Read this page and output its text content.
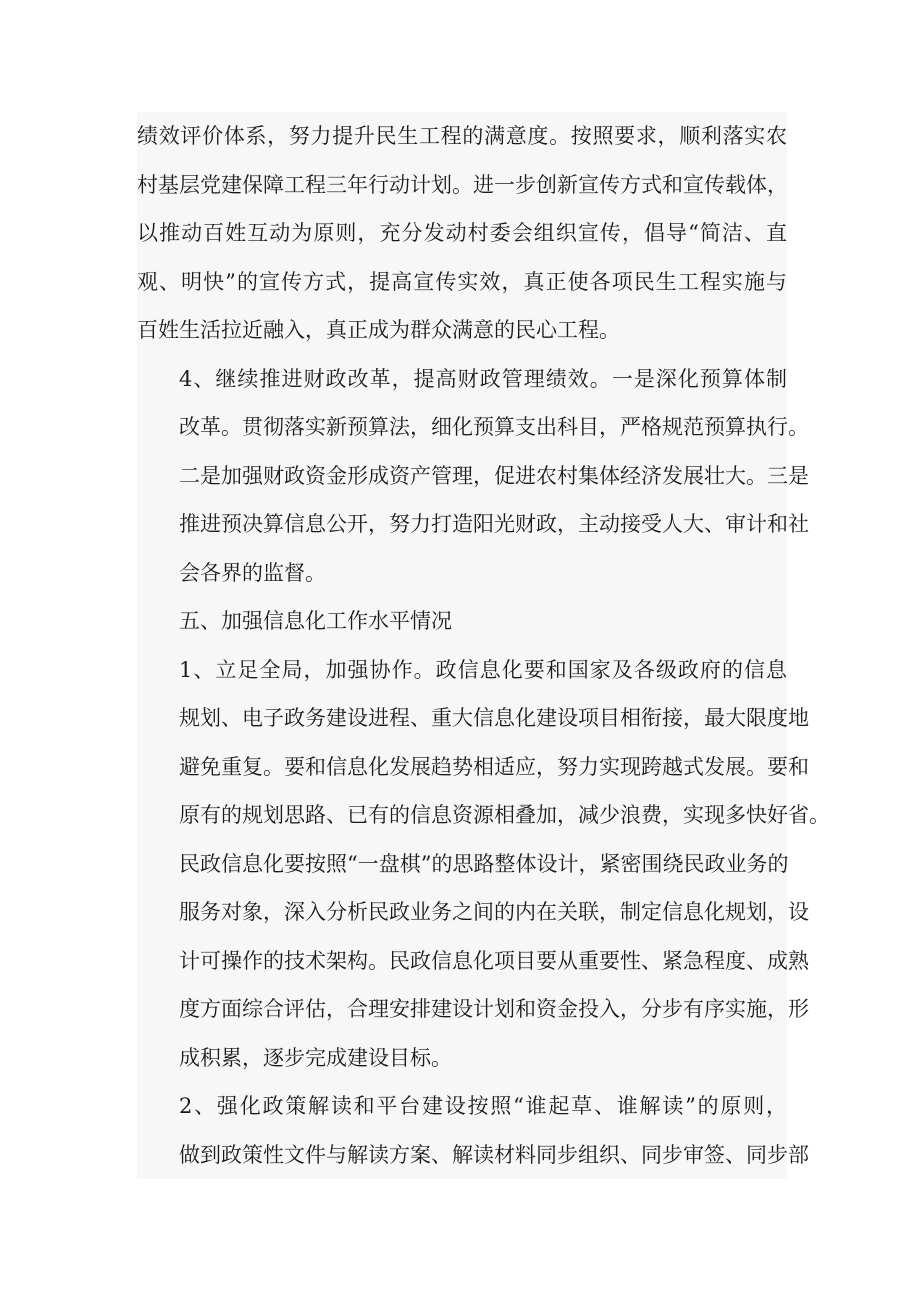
绩效评价体系，努力提升民生工程的满意度。按照要求，顺利落实农
村基层党建保障工程三年行动计划。进一步创新宣传方式和宣传载体，
以推动百姓互动为原则，充分发动村委会组织宣传，倡导“简洁、直
观、明快”的宣传方式，提高宣传实效，真正使各项民生工程实施与
百姓生活拉近融入，真正成为群众满意的民心工程。

4、继续推进财政改革，提高财政管理绩效。一是深化预算体制
改革。贯彻落实新预算法，细化预算支出科目，严格规范预算执行。
二是加强财政资金形成资产管理，促进农村集体经济发展壮大。三是
推进预决算信息公开，努力打造阳光财政，主动接受人大、审计和社
会各界的监督。

五、加强信息化工作水平情况

1、立足全局，加强协作。政信息化要和国家及各级政府的信息
规划、电子政务建设进程、重大信息化建设项目相衔接，最大限度地
避免重复。要和信息化发展趋势相适应，努力实现跨越式发展。要和
原有的规划思路、已有的信息资源相叠加，减少浪费，实现多快好省。
民政信息化要按照“一盘棋”的思路整体设计，紧密围绕民政业务的
服务对象，深入分析民政业务之间的内在关联，制定信息化规划，设
计可操作的技术架构。民政信息化项目要从重要性、紧急程度、成熟
度方面综合评估，合理安排建设计划和资金投入，分步有序实施，形
成积累，逐步完成建设目标。

2、强化政策解读和平台建设按照“谁起草、谁解读”的原则，
做到政策性文件与解读方案、解读材料同步组织、同步审签、同步部
